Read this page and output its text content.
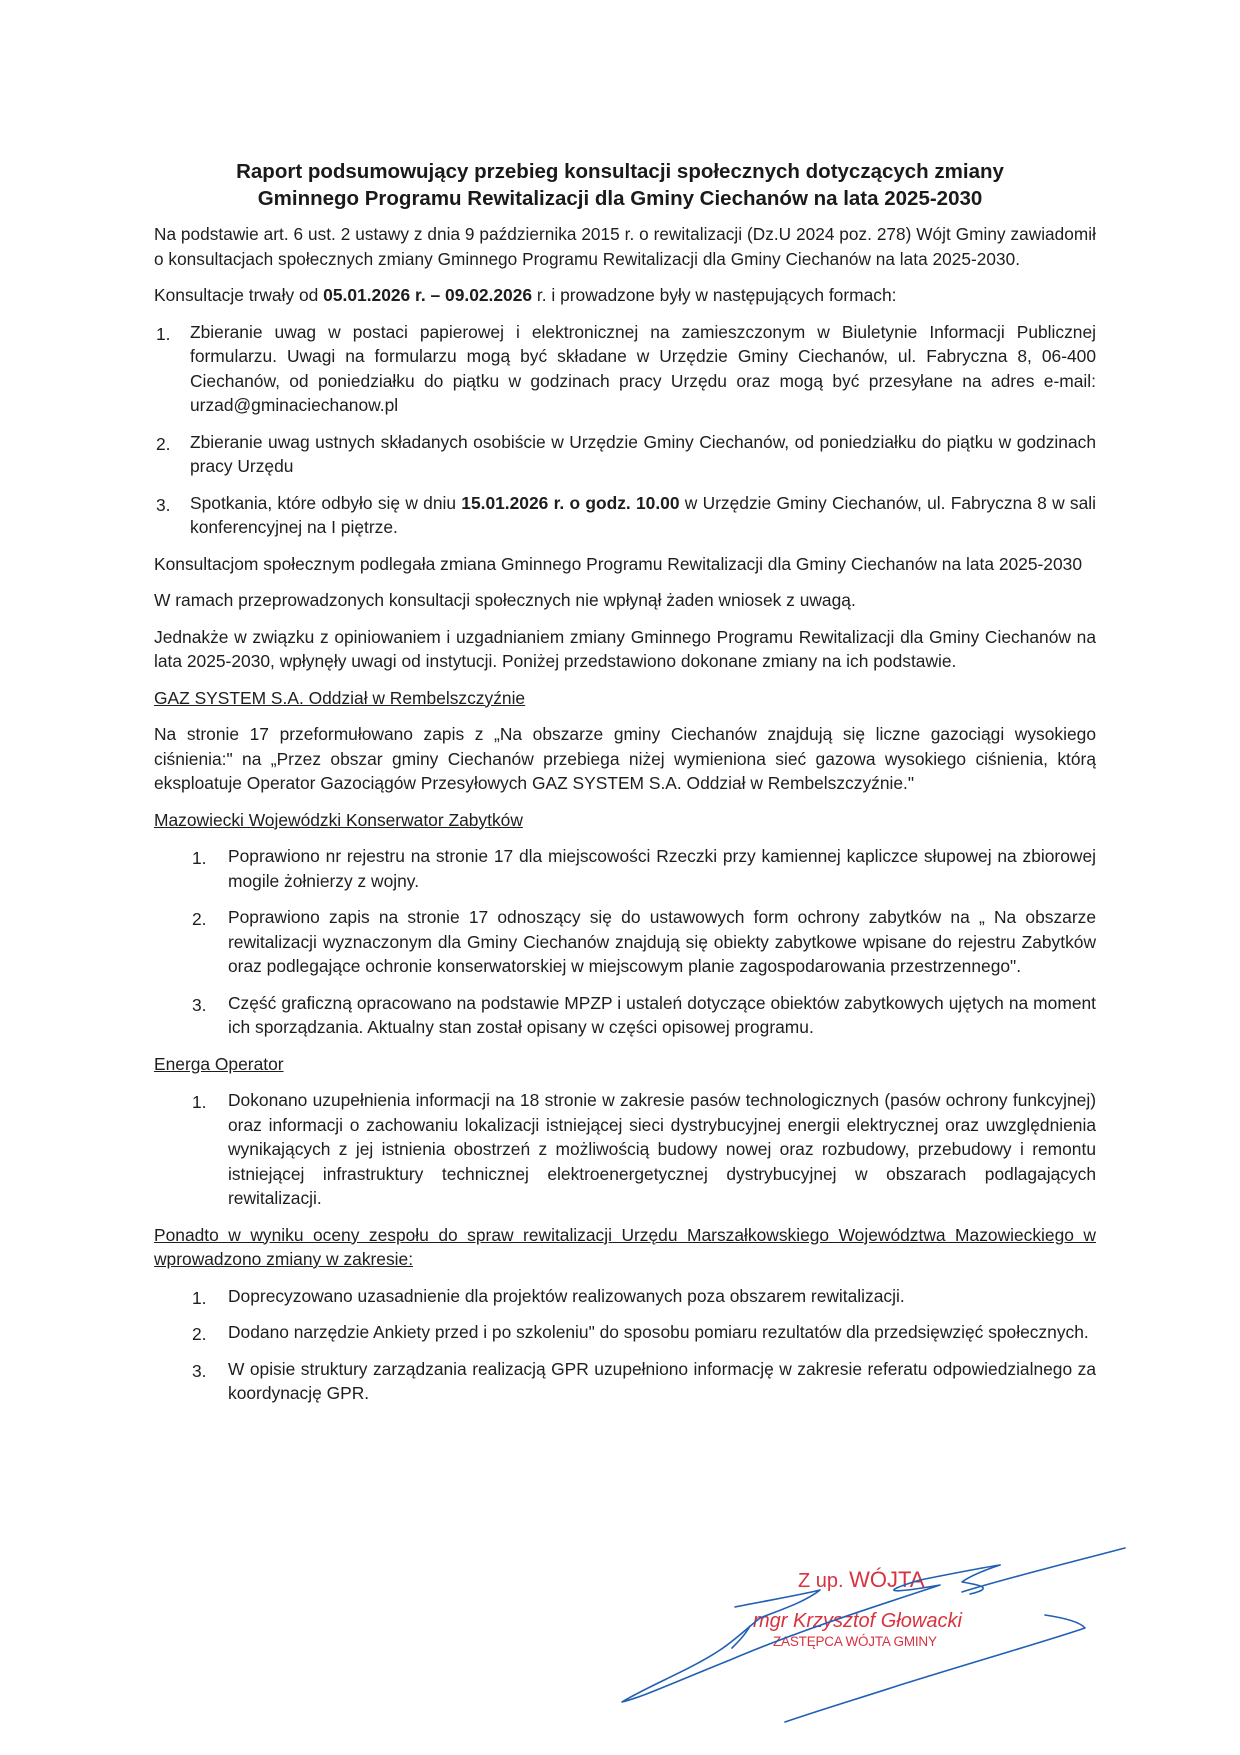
Raport podsumowujący przebieg konsultacji społecznych dotyczących zmiany
Gminnego Programu Rewitalizacji dla Gminy Ciechanów na lata 2025-2030

Na podstawie art. 6 ust. 2 ustawy z dnia 9 października 2015 r. o rewitalizacji (Dz.U 2024 poz. 278) Wójt Gminy zawiadomił o konsultacjach społecznych zmiany Gminnego Programu Rewitalizacji dla Gminy Ciechanów na lata 2025-2030.

Konsultacje trwały od 05.01.2026 r. – 09.02.2026 r. i prowadzone były w następujących formach:

1. Zbieranie uwag w postaci papierowej i elektronicznej na zamieszczonym w Biuletynie Informacji Publicznej formularzu. Uwagi na formularzu mogą być składane w Urzędzie Gminy Ciechanów, ul. Fabryczna 8, 06-400 Ciechanów, od poniedziałku do piątku w godzinach pracy Urzędu oraz mogą być przesyłane na adres e-mail: urzad@gminaciechanow.pl
2. Zbieranie uwag ustnych składanych osobiście w Urzędzie Gminy Ciechanów, od poniedziałku do piątku w godzinach pracy Urzędu
3. Spotkania, które odbyło się w dniu 15.01.2026 r. o godz. 10.00 w Urzędzie Gminy Ciechanów, ul. Fabryczna 8 w sali konferencyjnej na I piętrze.

Konsultacjom społecznym podlegała zmiana Gminnego Programu Rewitalizacji dla Gminy Ciechanów na lata 2025-2030

W ramach przeprowadzonych konsultacji społecznych nie wpłynął żaden wniosek z uwagą.

Jednakże w związku z opiniowaniem i uzgadnianiem zmiany Gminnego Programu Rewitalizacji dla Gminy Ciechanów na lata 2025-2030, wpłynęły uwagi od instytucji. Poniżej przedstawiono dokonane zmiany na ich podstawie.

GAZ SYSTEM S.A. Oddział w Rembelszczyźnie

Na stronie 17 przeformułowano zapis z „Na obszarze gminy Ciechanów znajdują się liczne gazociągi wysokiego ciśnienia:" na „Przez obszar gminy Ciechanów przebiega niżej wymieniona sieć gazowa wysokiego ciśnienia, którą eksploatuje Operator Gazociągów Przesyłowych GAZ SYSTEM S.A. Oddział w Rembelszczyźnie."

Mazowiecki Wojewódzki Konserwator Zabytków
1. Poprawiono nr rejestru na stronie 17 dla miejscowości Rzeczki przy kamiennej kapliczce słupowej na zbiorowej mogile żołnierzy z wojny.
2. Poprawiono zapis na stronie 17 odnoszący się do ustawowych form ochrony zabytków na „ Na obszarze rewitalizacji wyznaczonym dla Gminy Ciechanów znajdują się obiekty zabytkowe wpisane do rejestru Zabytków oraz podlegające ochronie konserwatorskiej w miejscowym planie zagospodarowania przestrzennego".
3. Część graficzną opracowano na podstawie MPZP i ustaleń dotyczące obiektów zabytkowych ujętych na moment ich sporządzania. Aktualny stan został opisany w części opisowej programu.
Energa Operator
1. Dokonano uzupełnienia informacji na 18 stronie w zakresie pasów technologicznych (pasów ochrony funkcyjnej) oraz informacji o zachowaniu lokalizacji istniejącej sieci dystrybucyjnej energii elektrycznej oraz uwzględnienia wynikających z jej istnienia obostrzeń z możliwością budowy nowej oraz rozbudowy, przebudowy i remontu istniejącej infrastruktury technicznej elektroenergetycznej dystrybucyjnej w obszarach podlagających rewitalizacji.
Ponadto w wyniku oceny zespołu do spraw rewitalizacji Urzędu Marszałkowskiego Województwa Mazowieckiego w wprowadzono zmiany w zakresie:
1. Doprecyzowano uzasadnienie dla projektów realizowanych poza obszarem rewitalizacji.
2. Dodano narzędzie Ankiety przed i po szkoleniu" do sposobu pomiaru rezultatów dla przedsięwzięć społecznych.
3. W opisie struktury zarządzania realizacją GPR uzupełniono informację w zakresie referatu odpowiedzialnego za koordynację GPR.
Z up. WÓJTA
mgr Krzysztof Głowacki
ZASTĘPCA WÓJTA GMINY
